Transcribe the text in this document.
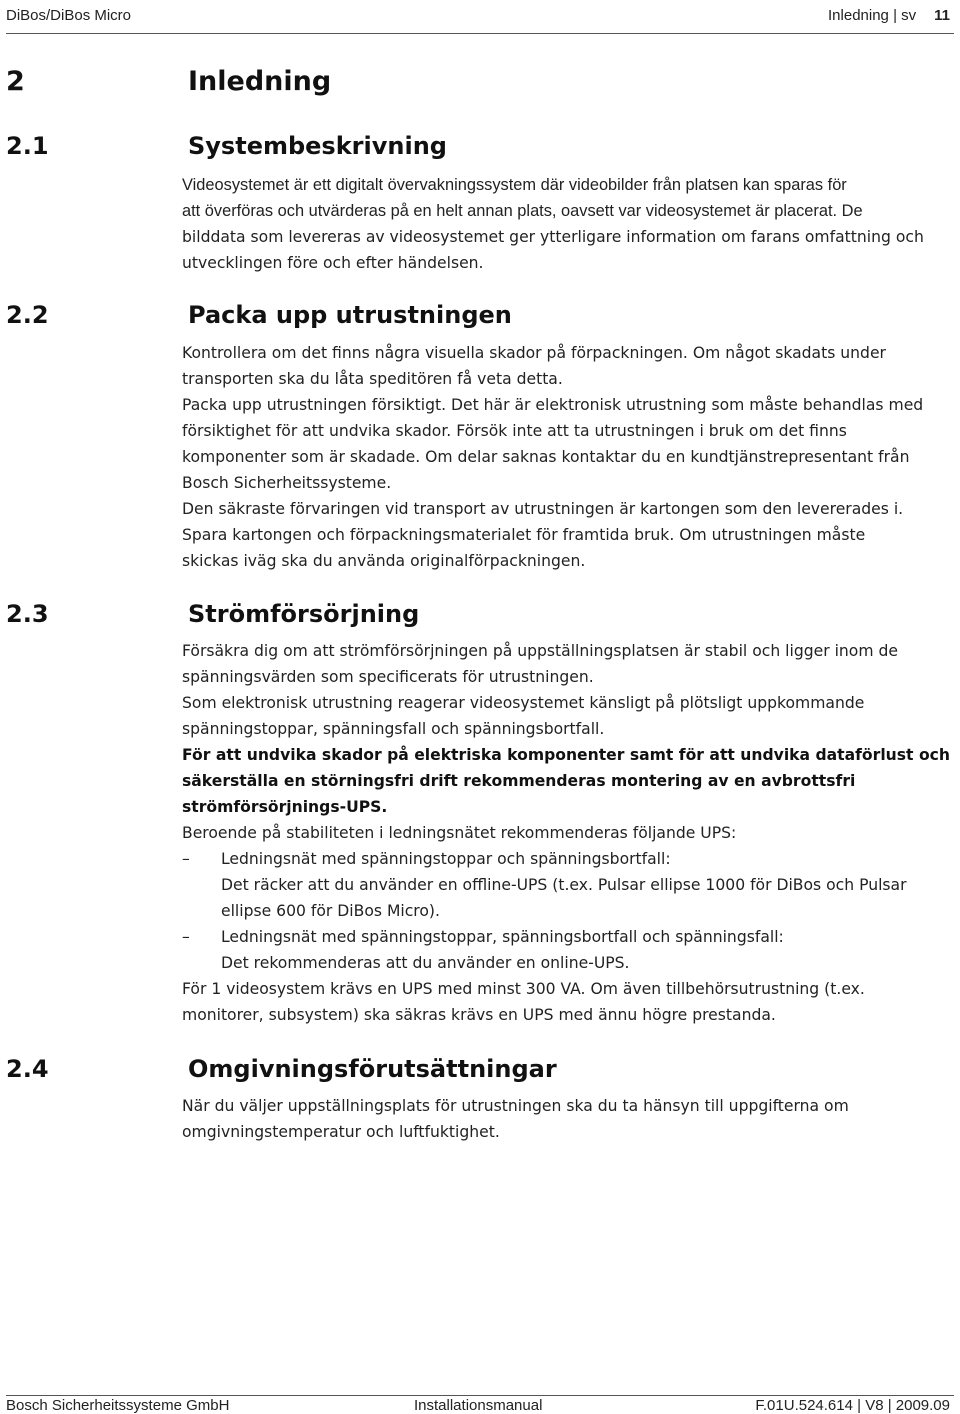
DiBos/DiBos Micro	Inledning | sv 11
2	Inledning
2.1	Systembeskrivning

Videosystemet är ett digitalt övervakningssystem där videobilder från platsen kan sparas för

att överföras och utvärderas på en helt annan plats, oavsett var videosystemet är placerat. De

bilddata som levereras av videosystemet ger ytterligare information om farans omfattning och

utvecklingen före och efter händelsen.

2.2	Packa upp utrustningen

Kontrollera om det finns några visuella skador på förpackningen. Om något skadats under

transporten ska du låta speditören få veta detta.

Packa upp utrustningen försiktigt. Det här är elektronisk utrustning som måste behandlas med

försiktighet för att undvika skador. Försök inte att ta utrustningen i bruk om det finns

komponenter som är skadade. Om delar saknas kontaktar du en kundtjänstrepresentant från

Bosch Sicherheitssysteme.

Den säkraste förvaringen vid transport av utrustningen är kartongen som den levererades i.

Spara kartongen och förpackningsmaterialet för framtida bruk. Om utrustningen måste

skickas iväg ska du använda originalförpackningen.

2.3	Strömförsörjning

Försäkra dig om att strömförsörjningen på uppställningsplatsen är stabil och ligger inom de

spänningsvärden som specificerats för utrustningen.

Som elektronisk utrustning reagerar videosystemet känsligt på plötsligt uppkommande

spänningstoppar, spänningsfall och spänningsbortfall.

För att undvika skador på elektriska komponenter samt för att undvika dataförlust och

säkerställa en störningsfri drift rekommenderas montering av en avbrottsfri

strömförsörjnings-UPS.

Beroende på stabiliteten i ledningsnätet rekommenderas följande UPS:

– Ledningsnät med spänningstoppar och spänningsbortfall:

Det räcker att du använder en offline-UPS (t.ex. Pulsar ellipse 1000 för DiBos och Pulsar

ellipse 600 för DiBos Micro).

– Ledningsnät med spänningstoppar, spänningsbortfall och spänningsfall:

Det rekommenderas att du använder en online-UPS.

För 1 videosystem krävs en UPS med minst 300 VA. Om även tillbehörsutrustning (t.ex.

monitorer, subsystem) ska säkras krävs en UPS med ännu högre prestanda.

2.4	Omgivningsförutsättningar

När du väljer uppställningsplats för utrustningen ska du ta hänsyn till uppgifterna om

omgivningstemperatur och luftfuktighet.

Bosch Sicherheitssysteme GmbH	Installationsmanual	F.01U.524.614 | V8 | 2009.09
